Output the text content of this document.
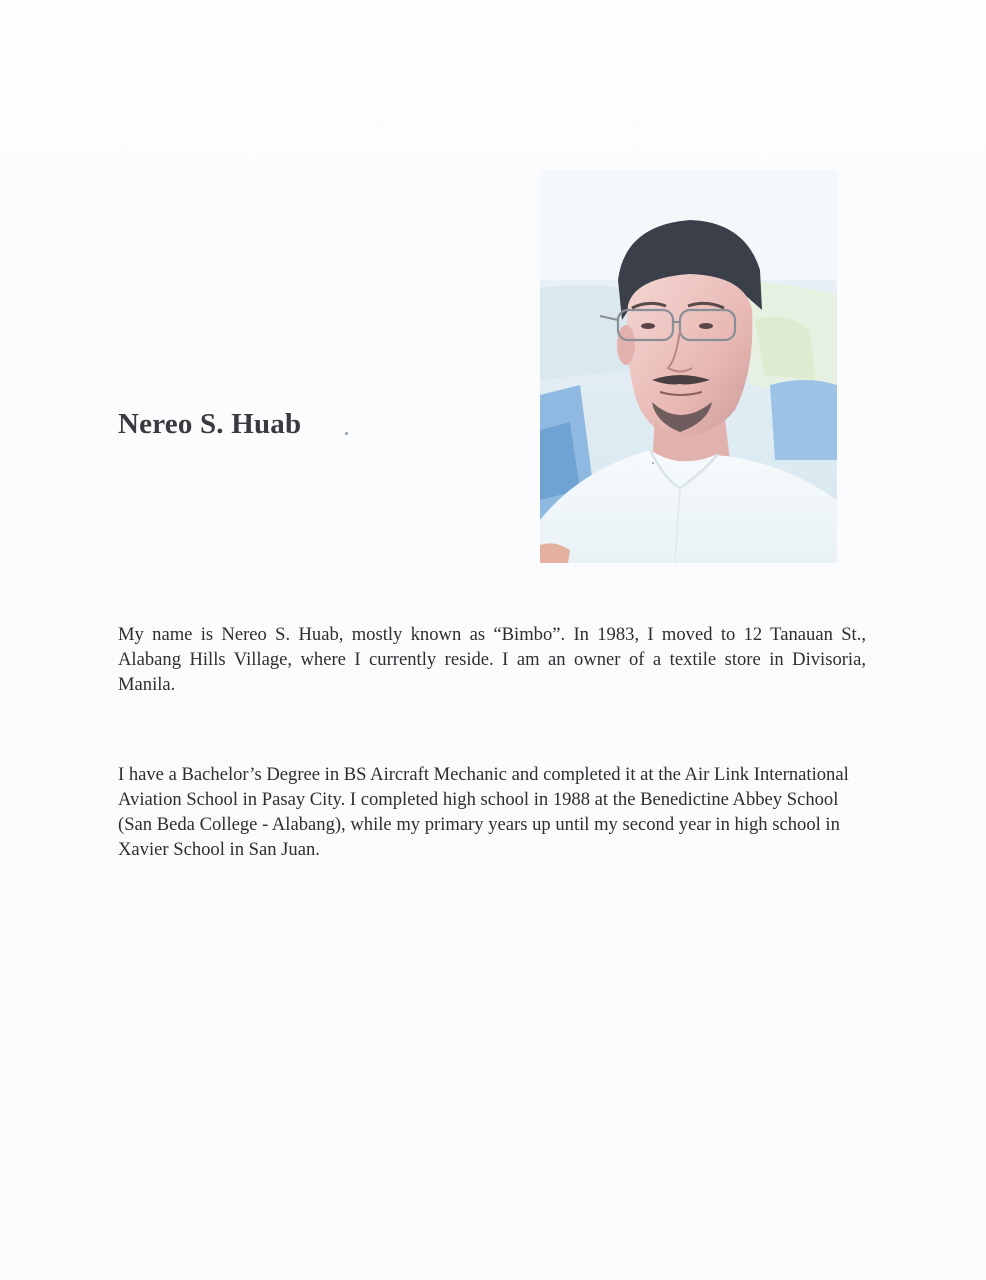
Nereo S. Huab

My name is Nereo S. Huab, mostly known as “Bimbo”. In 1983, I moved to 12 Tanauan St., Alabang Hills Village, where I currently reside. I am an owner of a textile store in Divisoria, Manila.

I have a Bachelor’s Degree in BS Aircraft Mechanic and completed it at the Air Link International Aviation School in Pasay City. I completed high school in 1988 at the Benedictine Abbey School (San Beda College - Alabang), while my primary years up until my second year in high school in Xavier School in San Juan.
